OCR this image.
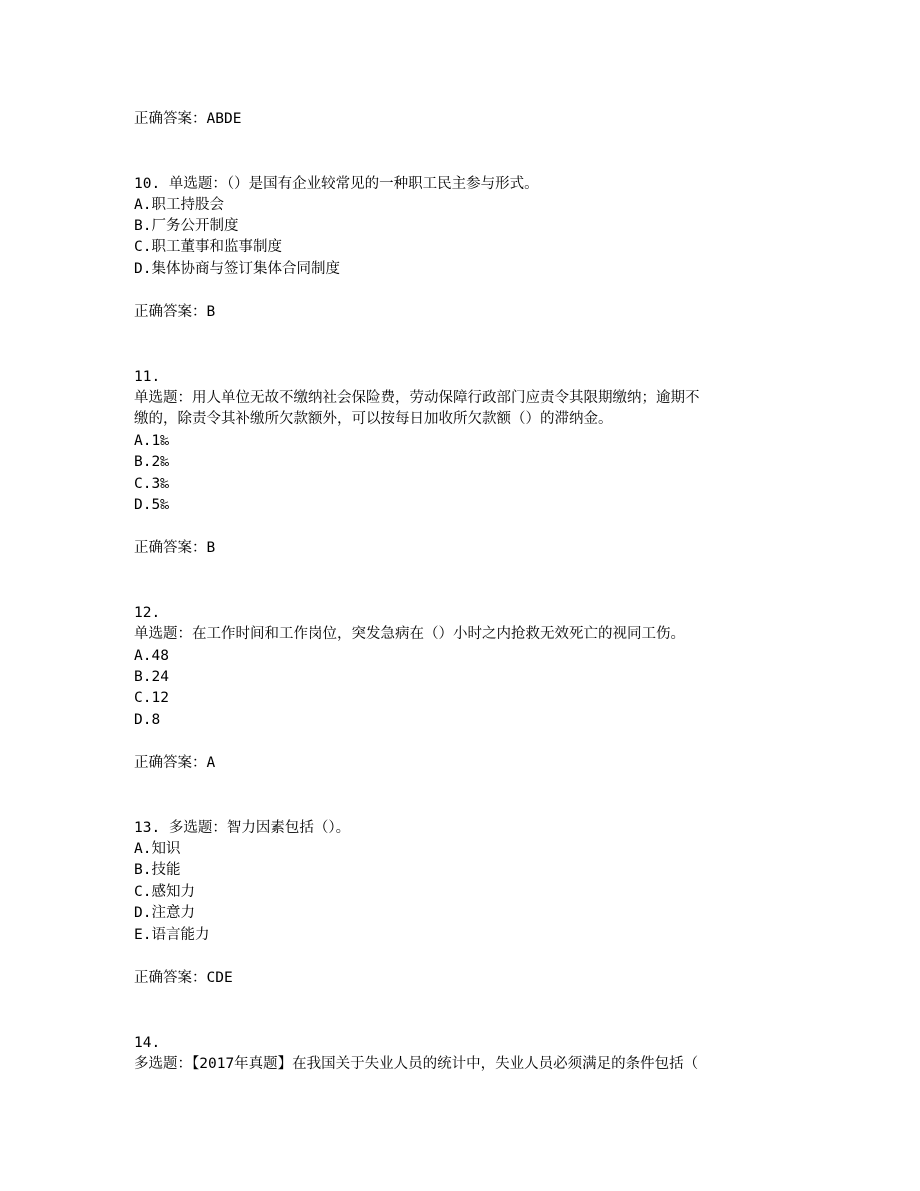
正确答案：ABDE
10. 单选题：（）是国有企业较常见的一种职工民主参与形式。
A.职工持股会
B.厂务公开制度
C.职工董事和监事制度
D.集体协商与签订集体合同制度
正确答案：B
11.
单选题：用人单位无故不缴纳社会保险费，劳动保障行政部门应责令其限期缴纳；逾期不
缴的，除责令其补缴所欠款额外，可以按每日加收所欠款额（）的滞纳金。
A.1‰
B.2‰
C.3‰
D.5‰
正确答案：B
12.
单选题：在工作时间和工作岗位，突发急病在（）小时之内抢救无效死亡的视同工伤。
A.48
B.24
C.12
D.8
正确答案：A
13. 多选题：智力因素包括（）。
A.知识
B.技能
C.感知力
D.注意力
E.语言能力
正确答案：CDE
14.
多选题：【2017年真题】在我国关于失业人员的统计中，失业人员必须满足的条件包括（
